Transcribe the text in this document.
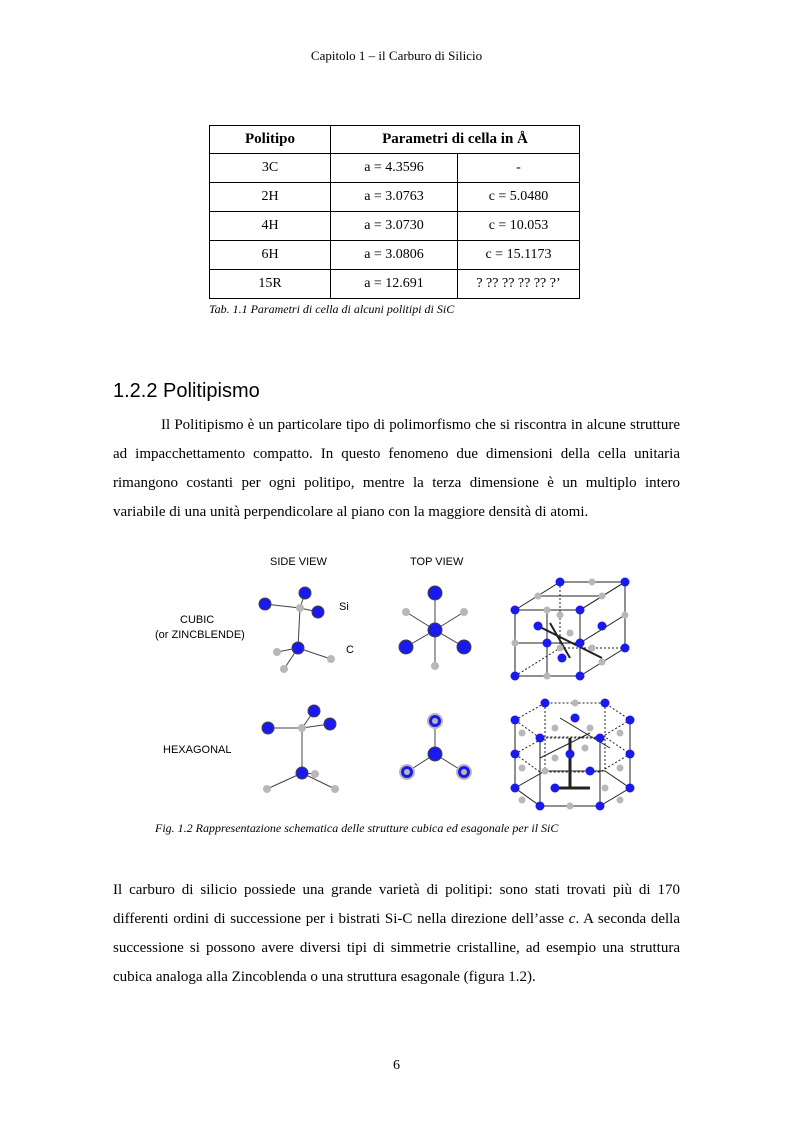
Capitolo 1 – il Carburo di Silicio
Politipo	Parametri di cella in Å	
3C	a = 4.3596	-
2H	a = 3.0763	c = 5.0480
4H	a = 3.0730	c = 10.053
6H	a = 3.0806	c = 15.1173
15R	a = 12.691	? ?? ?? ?? ?? ?’
Tab. 1.1 Parametri di cella di alcuni politipi di SiC
1.2.2 Politipismo

Il Politipismo è un particolare tipo di polimorfismo che si riscontra in alcune strutture ad impacchettamento compatto. In questo fenomeno due dimensioni della cella unitaria rimangono costanti per ogni politipo, mentre la terza dimensione è un multiplo intero variabile di una unità perpendicolare al piano con la maggiore densità di atomi.

SIDE VIEW	TOP VIEW
CUBIC
(or ZINCBLENDE)
HEXAGONAL
Si
C
Fig. 1.2 Rappresentazione schematica delle strutture cubica ed esagonale per il SiC

Il carburo di silicio possiede una grande varietà di politipi: sono stati trovati più di 170 differenti ordini di successione per i bistrati Si-C nella direzione dell’asse c. A seconda della successione si possono avere diversi tipi di simmetrie cristalline, ad esempio una struttura cubica analoga alla Zincoblenda o una struttura esagonale (figura 1.2).

6
